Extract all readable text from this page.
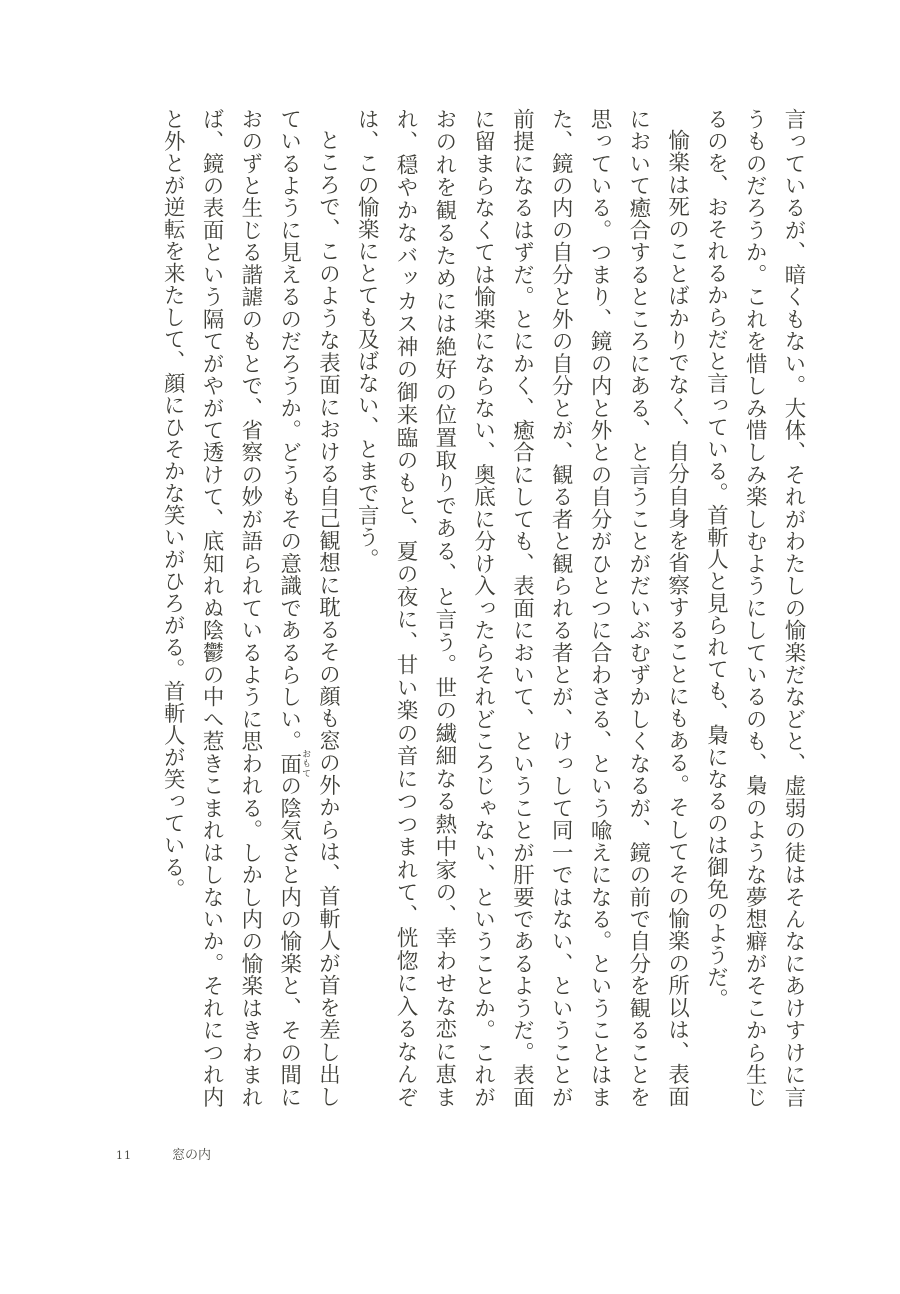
言っているが、暗くもない。大体、それがわたしの愉楽だなどと、虚弱の徒はそんなにあけすけに言うものだろうか。これを惜しみ惜しみ楽しむようにしているのも、梟のような夢想癖がそこから生じるのを、おそれるからだと言っている。首斬人と見られても、梟になるのは御免のようだ。

愉楽は死のことばかりでなく、自分自身を省察することにもある。そしてその愉楽の所以は、表面において癒合するところにある、と言うことがだいぶむずかしくなるが、鏡の前で自分を観ることを思っている。つまり、鏡の内と外との自分がひとつに合わさる、という喩えになる。ということはまた、鏡の内の自分と外の自分とが、観る者と観られる者とが、けっして同一ではない、ということが前提になるはずだ。とにかく、癒合にしても、表面において、ということが肝要であるようだ。表面に留まらなくては愉楽にならない、奥底に分け入ったらそれどころじゃない、ということか。これがおのれを観るためには絶好の位置取りである、と言う。世の繊細なる熱中家の、幸わせな恋に恵まれ、穏やかなバッカス神の御来臨のもと、夏の夜に、甘い楽の音につつまれて、恍惚に入るなんぞは、この愉楽にとても及ばない、とまで言う。

ところで、このような表面における自己観想に耽るその顔も窓の外からは、首斬人が首を差し出しているように見えるのだろうか。どうもその意識であるらしい。面おもての陰気さと内の愉楽と、その間におのずと生じる諧謔のもとで、省察の妙が語られているように思われる。しかし内の愉楽はきわまれば、鏡の表面という隔てがやがて透けて、底知れぬ陰鬱の中へ惹きこまれはしないか。それにつれ内と外とが逆転を来たして、顔にひそかな笑いがひろがる。首斬人が笑っている。

11	窓の内
